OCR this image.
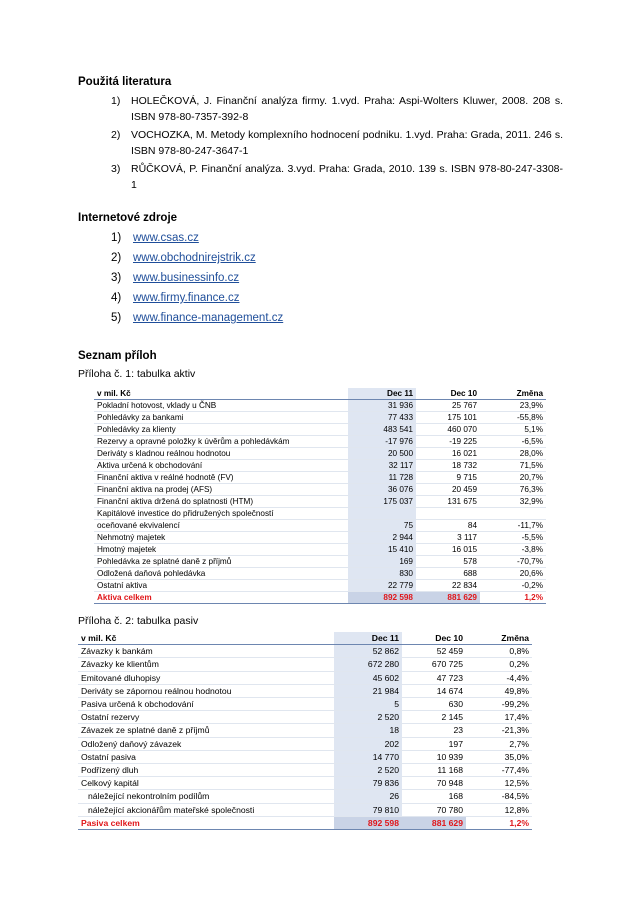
Použitá literatura
1) HOLEČKOVÁ, J. Finanční analýza firmy. 1.vyd. Praha: Aspi-Wolters Kluwer, 2008. 208 s. ISBN 978-80-7357-392-8
2) VOCHOZKA, M. Metody komplexního hodnocení podniku. 1.vyd. Praha: Grada, 2011. 246 s. ISBN 978-80-247-3647-1
3) RŮČKOVÁ, P. Finanční analýza. 3.vyd. Praha: Grada, 2010. 139 s. ISBN 978-80-247-3308-1
Internetové zdroje
1) www.csas.cz
2) www.obchodnirejstrik.cz
3) www.businessinfo.cz
4) www.firmy.finance.cz
5) www.finance-management.cz
Seznam příloh

Příloha č. 1: tabulka aktiv

v mil. Kč	Dec 11	Dec 10	Změna
Pokladní hotovost, vklady u ČNB	31 936	25 767	23,9%
Pohledávky za bankami	77 433	175 101	-55,8%
Pohledávky za klienty	483 541	460 070	5,1%
Rezervy a opravné položky k úvěrům a pohledávkám	-17 976	-19 225	-6,5%
Deriváty s kladnou reálnou hodnotou	20 500	16 021	28,0%
Aktiva určená k obchodování	32 117	18 732	71,5%
Finanční aktiva v reálné hodnotě (FV)	11 728	9 715	20,7%
Finanční aktiva na prodej (AFS)	36 076	20 459	76,3%
Finanční aktiva držená do splatnosti (HTM)	175 037	131 675	32,9%
Kapitálové investice do přidružených společností			
oceňované ekvivalencí	75	84	-11,7%
Nehmotný majetek	2 944	3 117	-5,5%
Hmotný majetek	15 410	16 015	-3,8%
Pohledávka ze splatné daně z příjmů	169	578	-70,7%
Odložená daňová pohledávka	830	688	20,6%
Ostatní aktiva	22 779	22 834	-0,2%
Aktiva celkem	892 598	881 629	1,2%

Příloha č. 2: tabulka pasiv

v mil. Kč	Dec 11	Dec 10	Změna
Závazky k bankám	52 862	52 459	0,8%
Závazky ke klientům	672 280	670 725	0,2%
Emitované dluhopisy	45 602	47 723	-4,4%
Deriváty se zápornou reálnou hodnotou	21 984	14 674	49,8%
Pasiva určená k obchodování	5	630	-99,2%
Ostatní rezervy	2 520	2 145	17,4%
Závazek ze splatné daně z příjmů	18	23	-21,3%
Odložený daňový závazek	202	197	2,7%
Ostatní pasiva	14 770	10 939	35,0%
Podřízený dluh	2 520	11 168	-77,4%
Celkový kapitál	79 836	70 948	12,5%
náležející nekontrolním podílům	26	168	-84,5%
náležející akcionářům mateřské společnosti	79 810	70 780	12,8%
Pasiva celkem	892 598	881 629	1,2%
